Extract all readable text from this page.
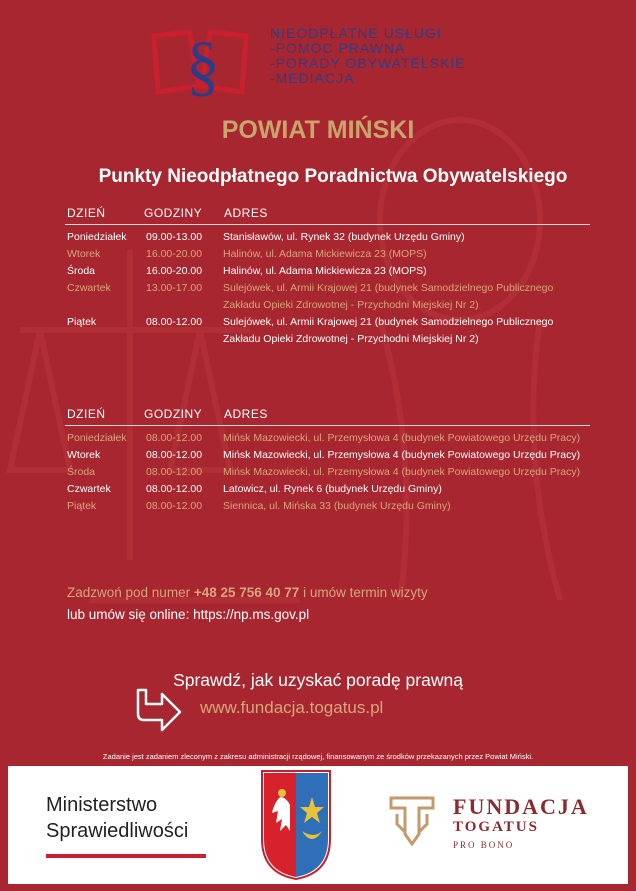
§	NIEODPŁATNE USŁUGI
-POMOC PRAWNA
-PORADY OBYWATELSKIE
-MEDIACJA
POWIAT MIŃSKI
Punkty Nieodpłatnego Poradnictwa Obywatelskiego
DZIEŃ	GODZINY ADRES
Poniedziałek 09.00-13.00 Stanisławów, ul. Rynek 32 (budynek Urzędu Gminy)
Wtorek	16.00-20.00 Halinów, ul. Adama Mickiewicza 23 (MOPS)
Środa	16.00-20.00 Halinów, ul. Adama Mickiewicza 23 (MOPS)
Czwartek	13.00-17.00 Sulejówek, ul. Armii Krajowej 21 (budynek Samodzielnego Publicznego Zakładu Opieki Zdrowotnej - Przychodni Miejskiej Nr 2)
Piątek	08.00-12.00 Sulejówek, ul. Armii Krajowej 21 (budynek Samodzielnego Publicznego Zakładu Opieki Zdrowotnej - Przychodni Miejskiej Nr 2)
DZIEŃ	GODZINY ADRES
Poniedziałek 08.00-12.00 Mińsk Mazowiecki, ul. Przemysłowa 4 (budynek Powiatowego Urzędu Pracy)
Wtorek	08.00-12.00 Mińsk Mazowiecki, ul. Przemysłowa 4 (budynek Powiatowego Urzędu Pracy)
Środa	08.00-12.00 Mińsk Mazowiecki, ul. Przemysłowa 4 (budynek Powiatowego Urzędu Pracy)
Czwartek	08.00-12.00 Latowicz, ul. Rynek 6 (budynek Urzędu Gminy)
Piątek	08.00-12.00 Siennica, ul. Mińska 33 (budynek Urzędu Gminy)
Zadzwoń pod numer +48 25 756 40 77 i umów termin wizyty
lub umów się online: https://np.ms.gov.pl
Sprawdź, jak uzyskać poradę prawną
www.fundacja.togatus.pl
Zadanie jest zadaniem zleconym z zakresu administracji rządowej, finansowanym ze środków przekazanych przez Powiat Miński.
Ministerstwo
Sprawiedliwości
FUNDACJA
TOGATUS
PRO BONO
